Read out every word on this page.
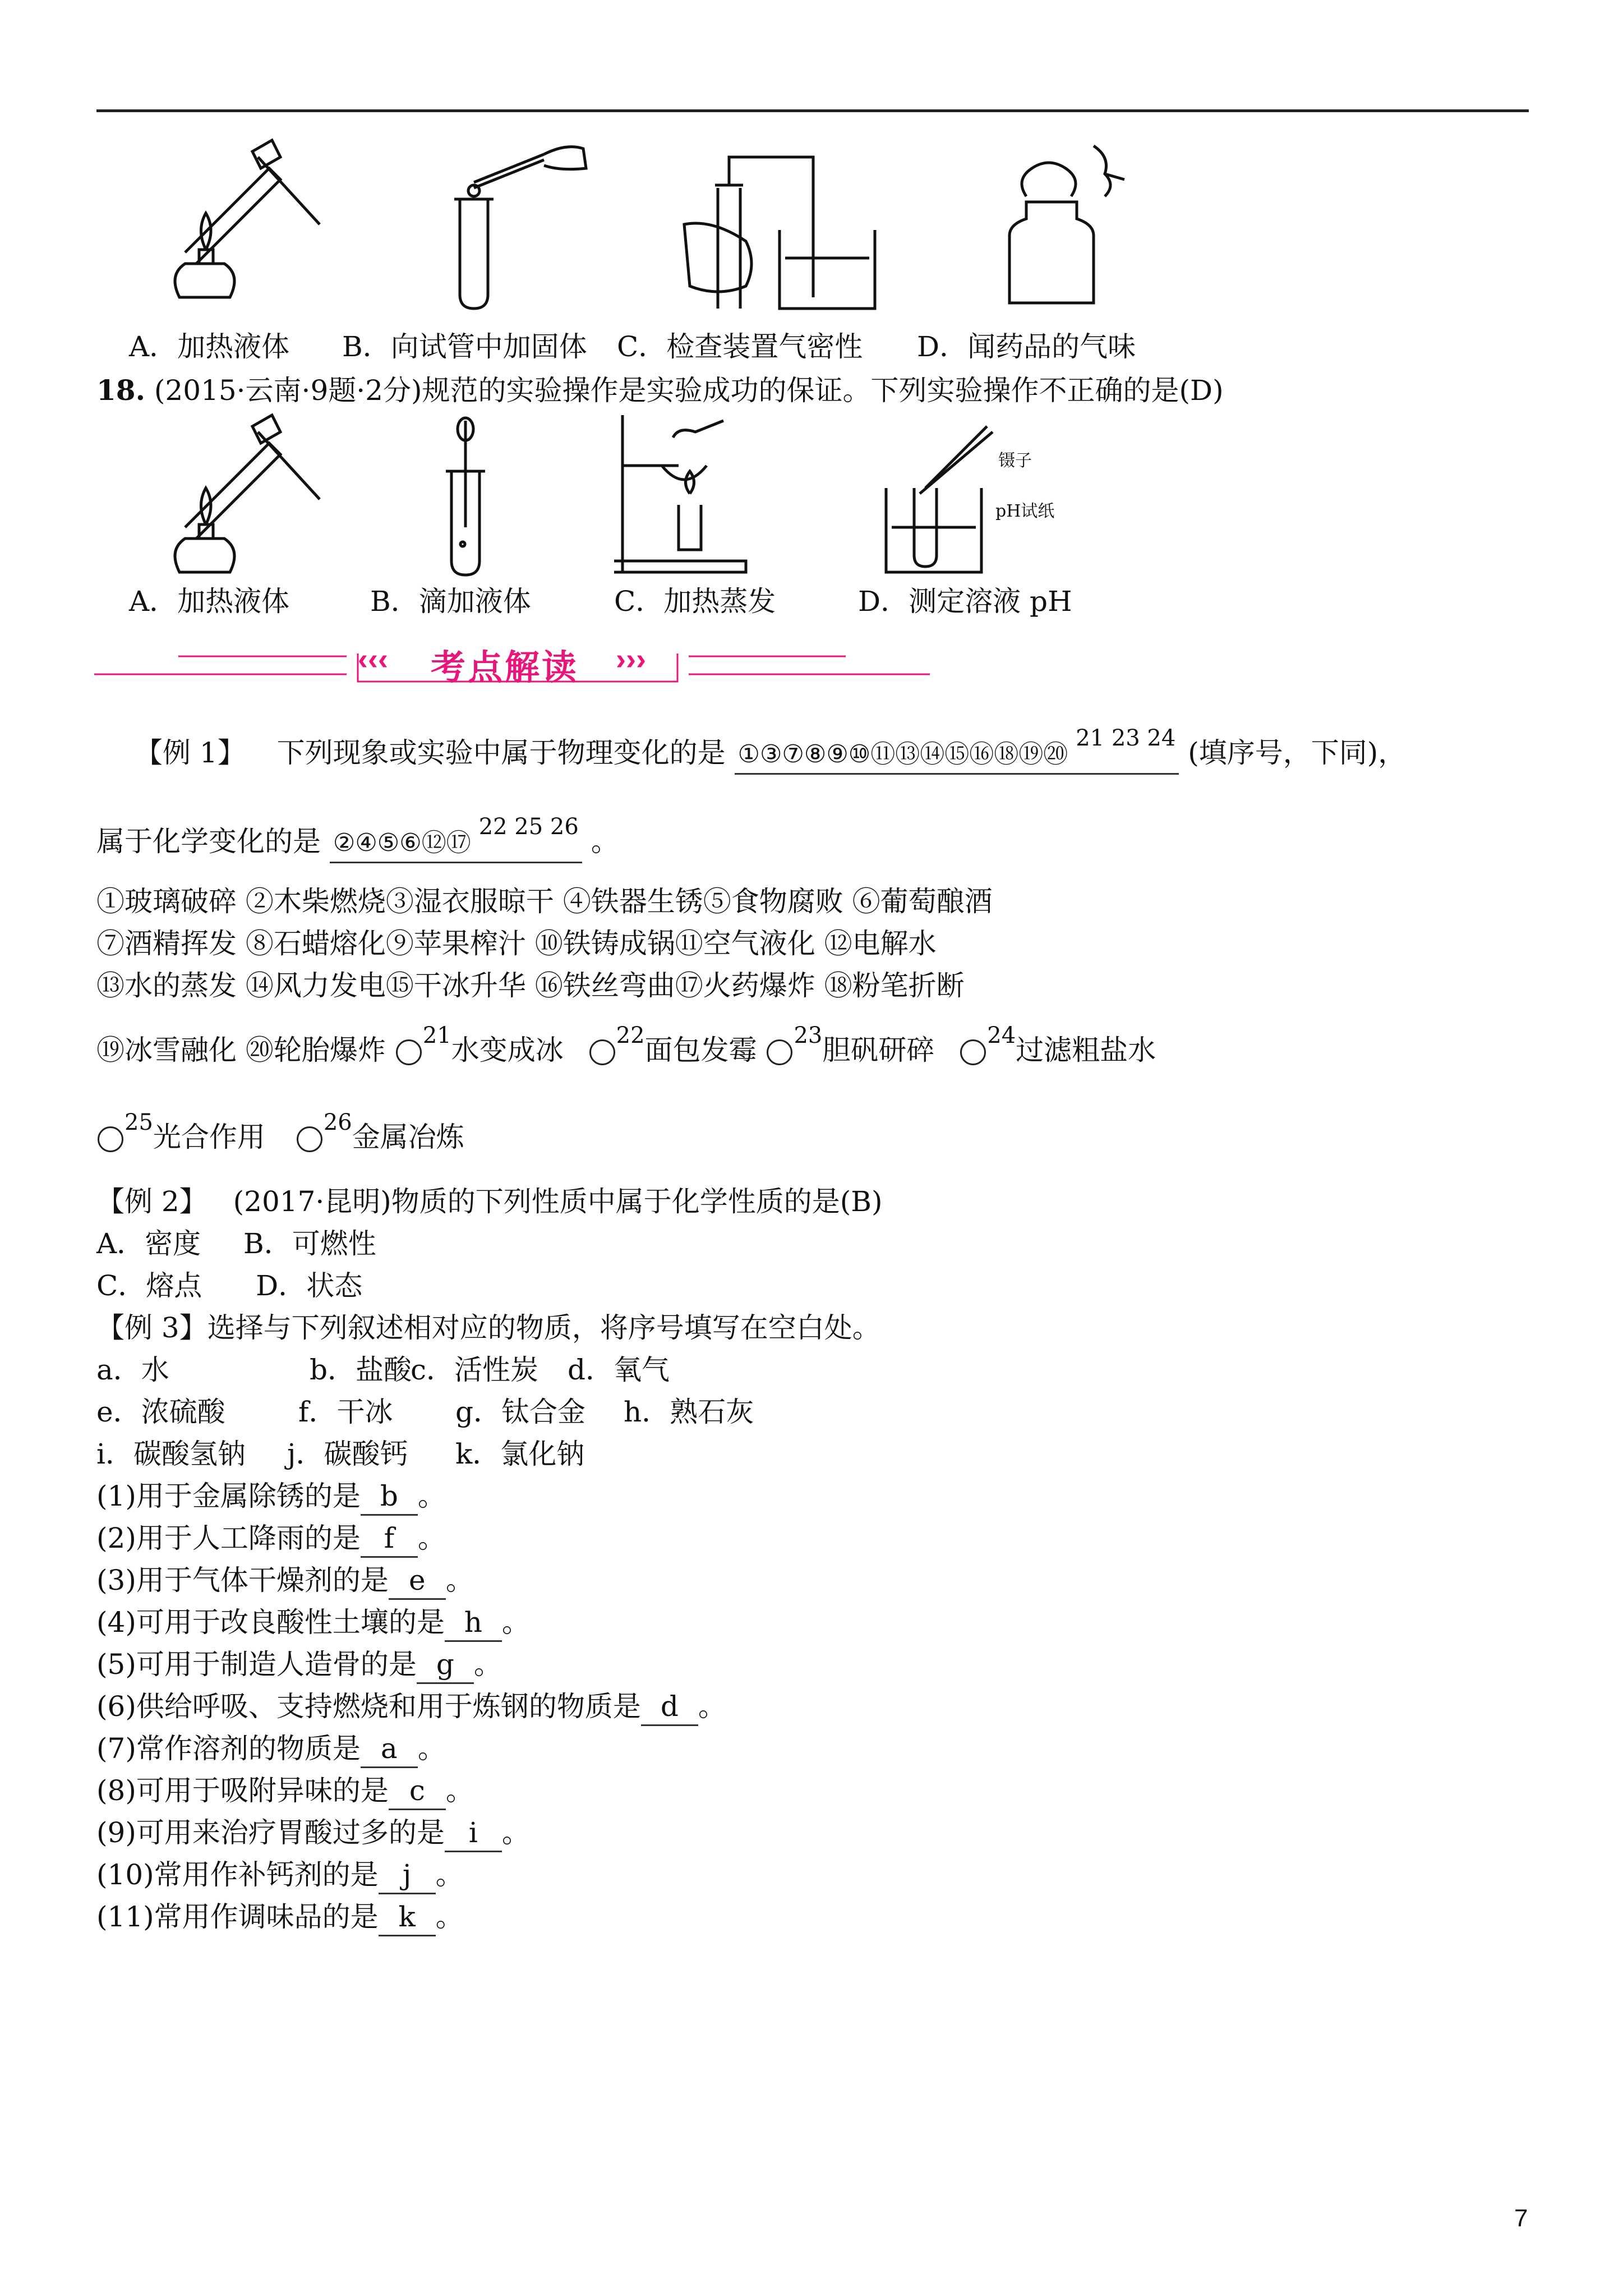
A．加热液体 B．向试管中加固体 C．检查装置气密性 D．闻药品的气味
18. (2015·云南·9题·2分)规范的实验操作是实验成功的保证。下列实验操作不正确的是(D)
镊子
pH试纸
A．加热液体	B．滴加液体	C．加热蒸发	D．测定溶液 pH
‹‹‹ 考点解读 ›››
【例 1】 下列现象或实验中属于物理变化的是 ①③⑦⑧⑨⑩⑪⑬⑭⑮⑯⑱⑲⑳ 21 23 24 (填序号，下同)，
属于化学变化的是 ②④⑤⑥⑫⑰ 22 25 26 。
①玻璃破碎 ②木柴燃烧③湿衣服晾干 ④铁器生锈⑤食物腐败 ⑥葡萄酿酒
⑦酒精挥发 ⑧石蜡熔化⑨苹果榨汁 ⑩铁铸成锅⑪空气液化 ⑫电解水
⑬水的蒸发 ⑭风力发电⑮干冰升华 ⑯铁丝弯曲⑰火药爆炸 ⑱粉笔折断
⑲冰雪融化 ⑳轮胎爆炸 $^{21}$水变成冰 $^{22}$面包发霉 $^{23}$胆矾研碎 $^{24}$过滤粗盐水
$^{25}$光合作用	$^{26}$金属冶炼
【例 2】 (2017·昆明)物质的下列性质中属于化学性质的是(B)
A．密度 B．可燃性
C．熔点 D．状态
【例 3】选择与下列叙述相对应的物质，将序号填写在空白处。
a．水	b．盐酸c．活性炭 d．氧气
e．浓硫酸	f．干冰 g．钛合金 h．熟石灰
i．碳酸氢钠 j．碳酸钙 k．氯化钠
(1)用于金属除锈的是 b 。
(2)用于人工降雨的是 f 。
(3)用于气体干燥剂的是 e 。
(4)可用于改良酸性土壤的是 h 。
(5)可用于制造人造骨的是 g 。
(6)供给呼吸、支持燃烧和用于炼钢的物质是 d 。
(7)常作溶剂的物质是 a 。
(8)可用于吸附异味的是 c 。
(9)可用来治疗胃酸过多的是 i 。
(10)常用作补钙剂的是 j 。
(11)常用作调味品的是 k 。
7
